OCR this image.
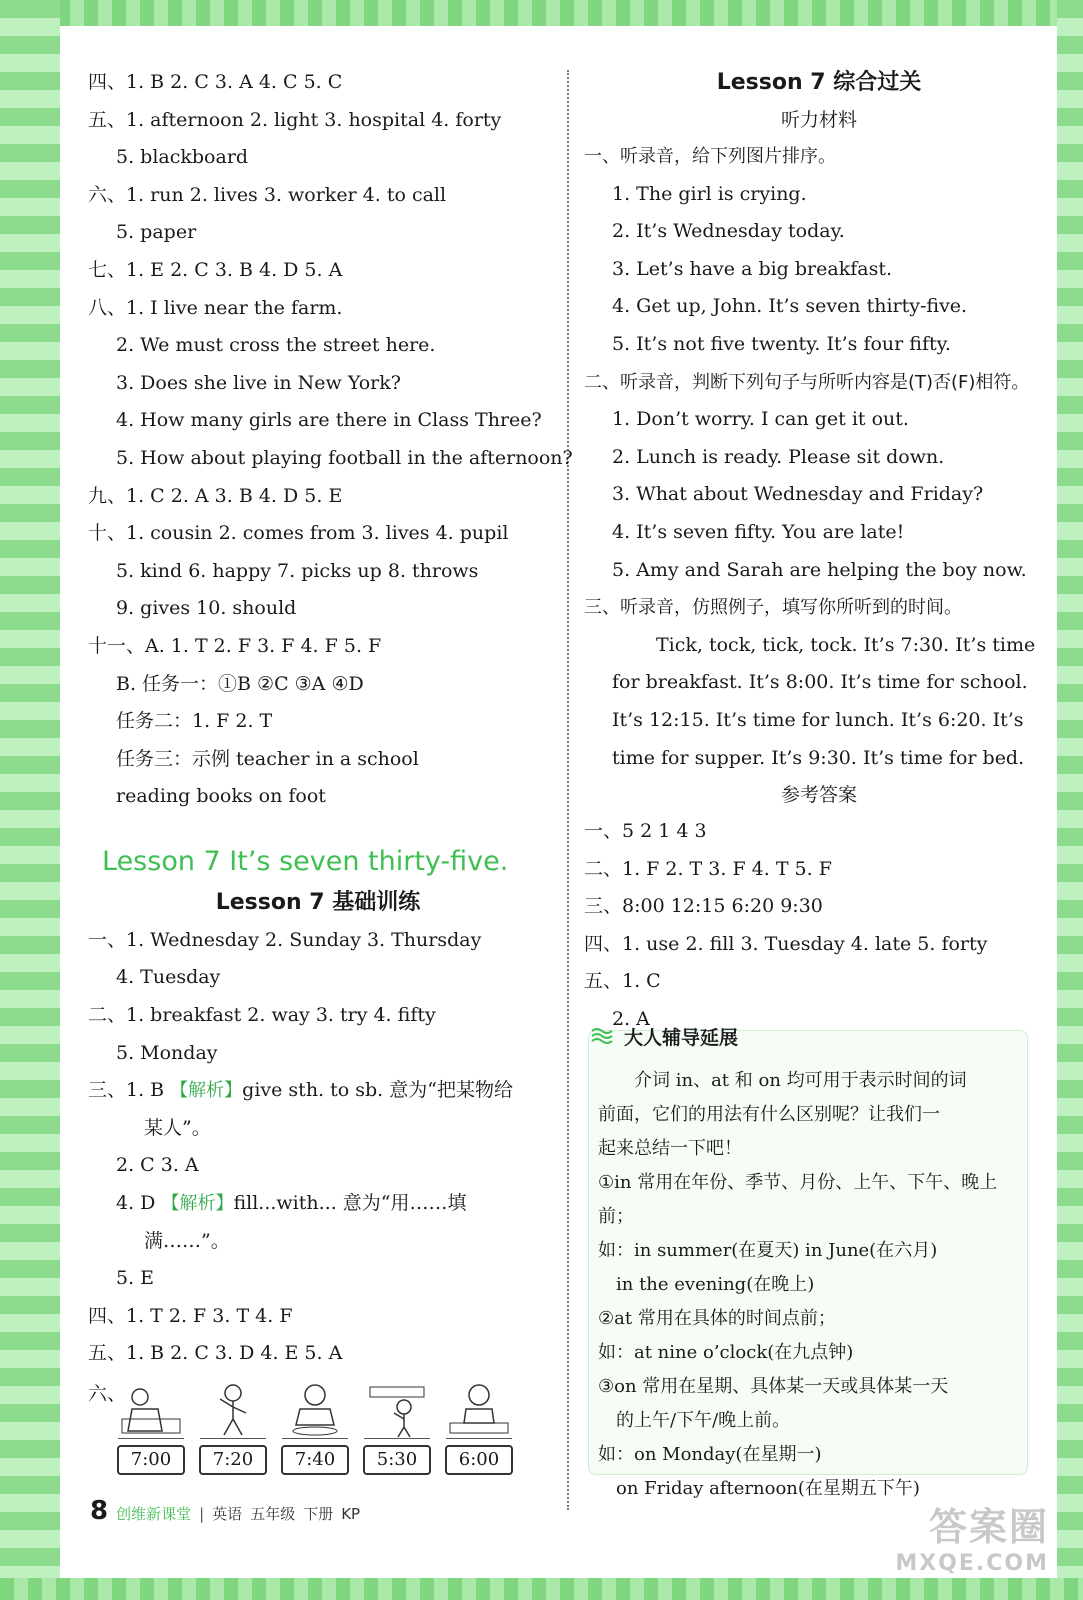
四、1. B 2. C 3. A 4. C 5. C
五、1. afternoon 2. light 3. hospital 4. forty
5. blackboard
六、1. run 2. lives 3. worker 4. to call
5. paper
七、1. E 2. C 3. B 4. D 5. A
八、1. I live near the farm.
2. We must cross the street here.
3. Does she live in New York?
4. How many girls are there in Class Three?
5. How about playing football in the afternoon?
九、1. C 2. A 3. B 4. D 5. E
十、1. cousin 2. comes from 3. lives 4. pupil
5. kind 6. happy 7. picks up 8. throws
9. gives 10. should
十一、A. 1. T 2. F 3. F 4. F 5. F
B. 任务一：①B ②C ③A ④D
任务二：1. F 2. T
任务三：示例 teacher in a school
reading books on foot
Lesson 7 It’s seven thirty-five.
Lesson 7 基础训练
一、1. Wednesday 2. Sunday 3. Thursday
4. Tuesday
二、1. breakfast 2. way 3. try 4. fifty
5. Monday
三、1. B 【解析】give sth. to sb. 意为“把某物给
某人”。
2. C 3. A
4. D 【解析】fill...with... 意为“用……填
满……”。
5. E
四、1. T 2. F 3. T 4. F
五、1. B 2. C 3. D 4. E 5. A
六、
7:00	7:20	7:40	5:30	6:00
Lesson 7 综合过关
听力材料
一、听录音，给下列图片排序。
1. The girl is crying.
2. It’s Wednesday today.
3. Let’s have a big breakfast.
4. Get up, John. It’s seven thirty-five.
5. It’s not five twenty. It’s four fifty.
二、听录音，判断下列句子与所听内容是(T)否(F)相符。
1. Don’t worry. I can get it out.
2. Lunch is ready. Please sit down.
3. What about Wednesday and Friday?
4. It’s seven fifty. You are late!
5. Amy and Sarah are helping the boy now.
三、听录音，仿照例子，填写你所听到的时间。
Tick, tock, tick, tock. It’s 7:30. It’s time
for breakfast. It’s 8:00. It’s time for school.
It’s 12:15. It’s time for lunch. It’s 6:20. It’s
time for supper. It’s 9:30. It’s time for bed.
参考答案
一、5 2 1 4 3
二、1. F 2. T 3. F 4. T 5. F
三、8:00 12:15 6:20 9:30
四、1. use 2. fill 3. Tuesday 4. late 5. forty
五、1. C
2. A
大人辅导延展
　　介词 in、at 和 on 均可用于表示时间的词
前面，它们的用法有什么区别呢？让我们一
起来总结一下吧！
①in 常用在年份、季节、月份、上午、下午、晚上前；
如：in summer(在夏天) in June(在六月)
　in the evening(在晚上)
②at 常用在具体的时间点前；
如：at nine o’clock(在九点钟)
③on 常用在星期、具体某一天或具体某一天
　的上午/下午/晚上前。
如：on Monday(在星期一)
　on Friday afternoon(在星期五下午)
8 创维新课堂 | 英语 五年级 下册 KP	答案圈
MXQE.COM
